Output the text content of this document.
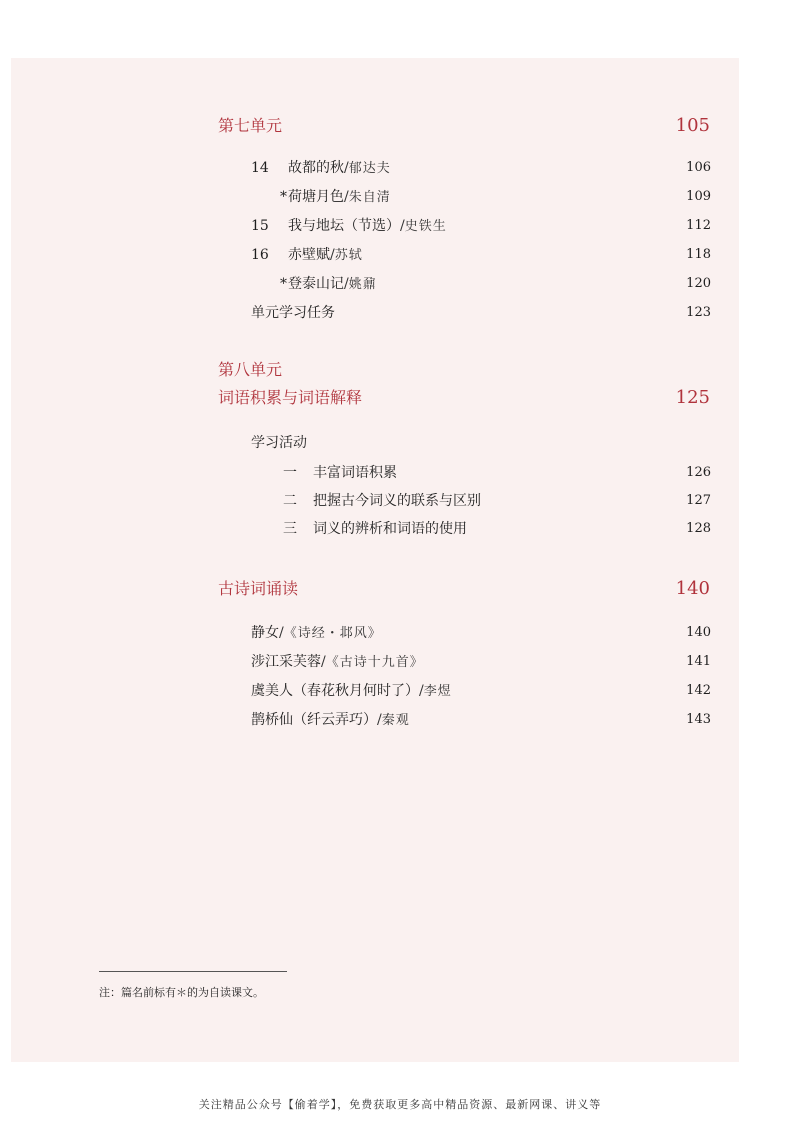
第七单元	105
14 故都的秋/郁达夫	106
*荷塘月色/朱自清	109
15 我与地坛（节选）/史铁生	112
16 赤壁赋/苏轼	118
*登泰山记/姚鼐	120
单元学习任务	123
第八单元
词语积累与词语解释	125
学习活动
一 丰富词语积累	126
二 把握古今词义的联系与区别	127
三 词义的辨析和词语的使用	128
古诗词诵读	140
静女/《诗经・邶风》	140
涉江采芙蓉/《古诗十九首》	141
虞美人（春花秋月何时了）/李煜	142
鹊桥仙（纤云弄巧）/秦观	143
注：篇名前标有＊的为自读课文。
关注精品公众号【偷着学】，免费获取更多高中精品资源、最新网课、讲义等
